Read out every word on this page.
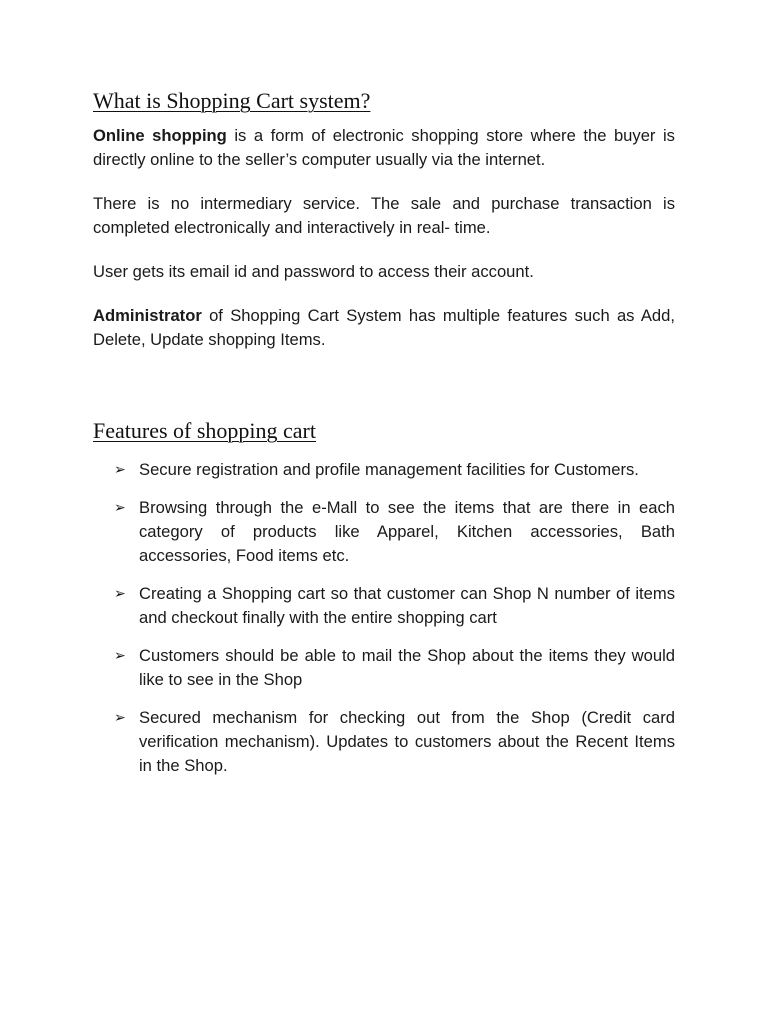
What is Shopping Cart system?

Online shopping is a form of electronic shopping store where the buyer is directly online to the seller’s computer usually via the internet.

There is no intermediary service. The sale and purchase transaction is completed electronically and interactively in real- time.

User gets its email id and password to access their account.

Administrator of Shopping Cart System has multiple features such as Add, Delete, Update shopping Items.

Features of shopping cart
➢ Secure registration and profile management facilities for Customers.
➢ Browsing through the e-Mall to see the items that are there in each category of products like Apparel, Kitchen accessories, Bath accessories, Food items etc.
➢ Creating a Shopping cart so that customer can Shop N number of items and checkout finally with the entire shopping cart
➢ Customers should be able to mail the Shop about the items they would like to see in the Shop
➢ Secured mechanism for checking out from the Shop (Credit card verification mechanism). Updates to customers about the Recent Items in the Shop.
